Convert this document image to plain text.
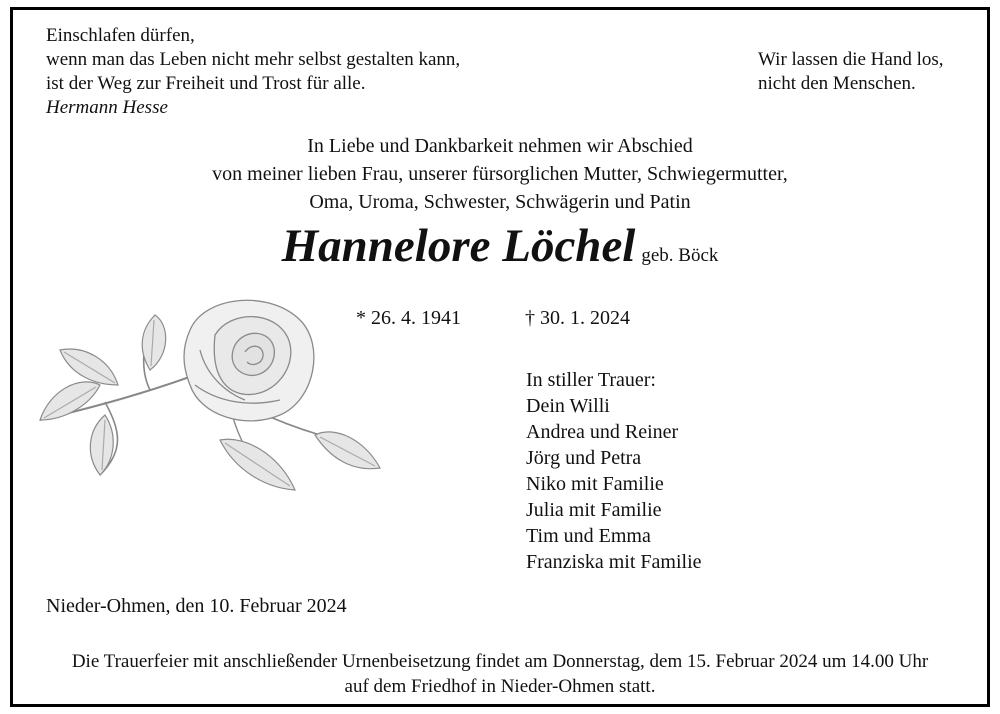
Einschlafen dürfen,
wenn man das Leben nicht mehr selbst gestalten kann,
ist der Weg zur Freiheit und Trost für alle.
Hermann Hesse
Wir lassen die Hand los,
nicht den Menschen.
In Liebe und Dankbarkeit nehmen wir Abschied
von meiner lieben Frau, unserer fürsorglichen Mutter, Schwiegermutter,
Oma, Uroma, Schwester, Schwägerin und Patin
Hannelore Löchel geb. Böck
* 26. 4. 1941	† 30. 1. 2024
In stiller Trauer:
Dein Willi
Andrea und Reiner
Jörg und Petra
Niko mit Familie
Julia mit Familie
Tim und Emma
Franziska mit Familie
Nieder-Ohmen, den 10. Februar 2024
Die Trauerfeier mit anschließender Urnenbeisetzung findet am Donnerstag, dem 15. Februar 2024 um 14.00 Uhr
auf dem Friedhof in Nieder-Ohmen statt.
